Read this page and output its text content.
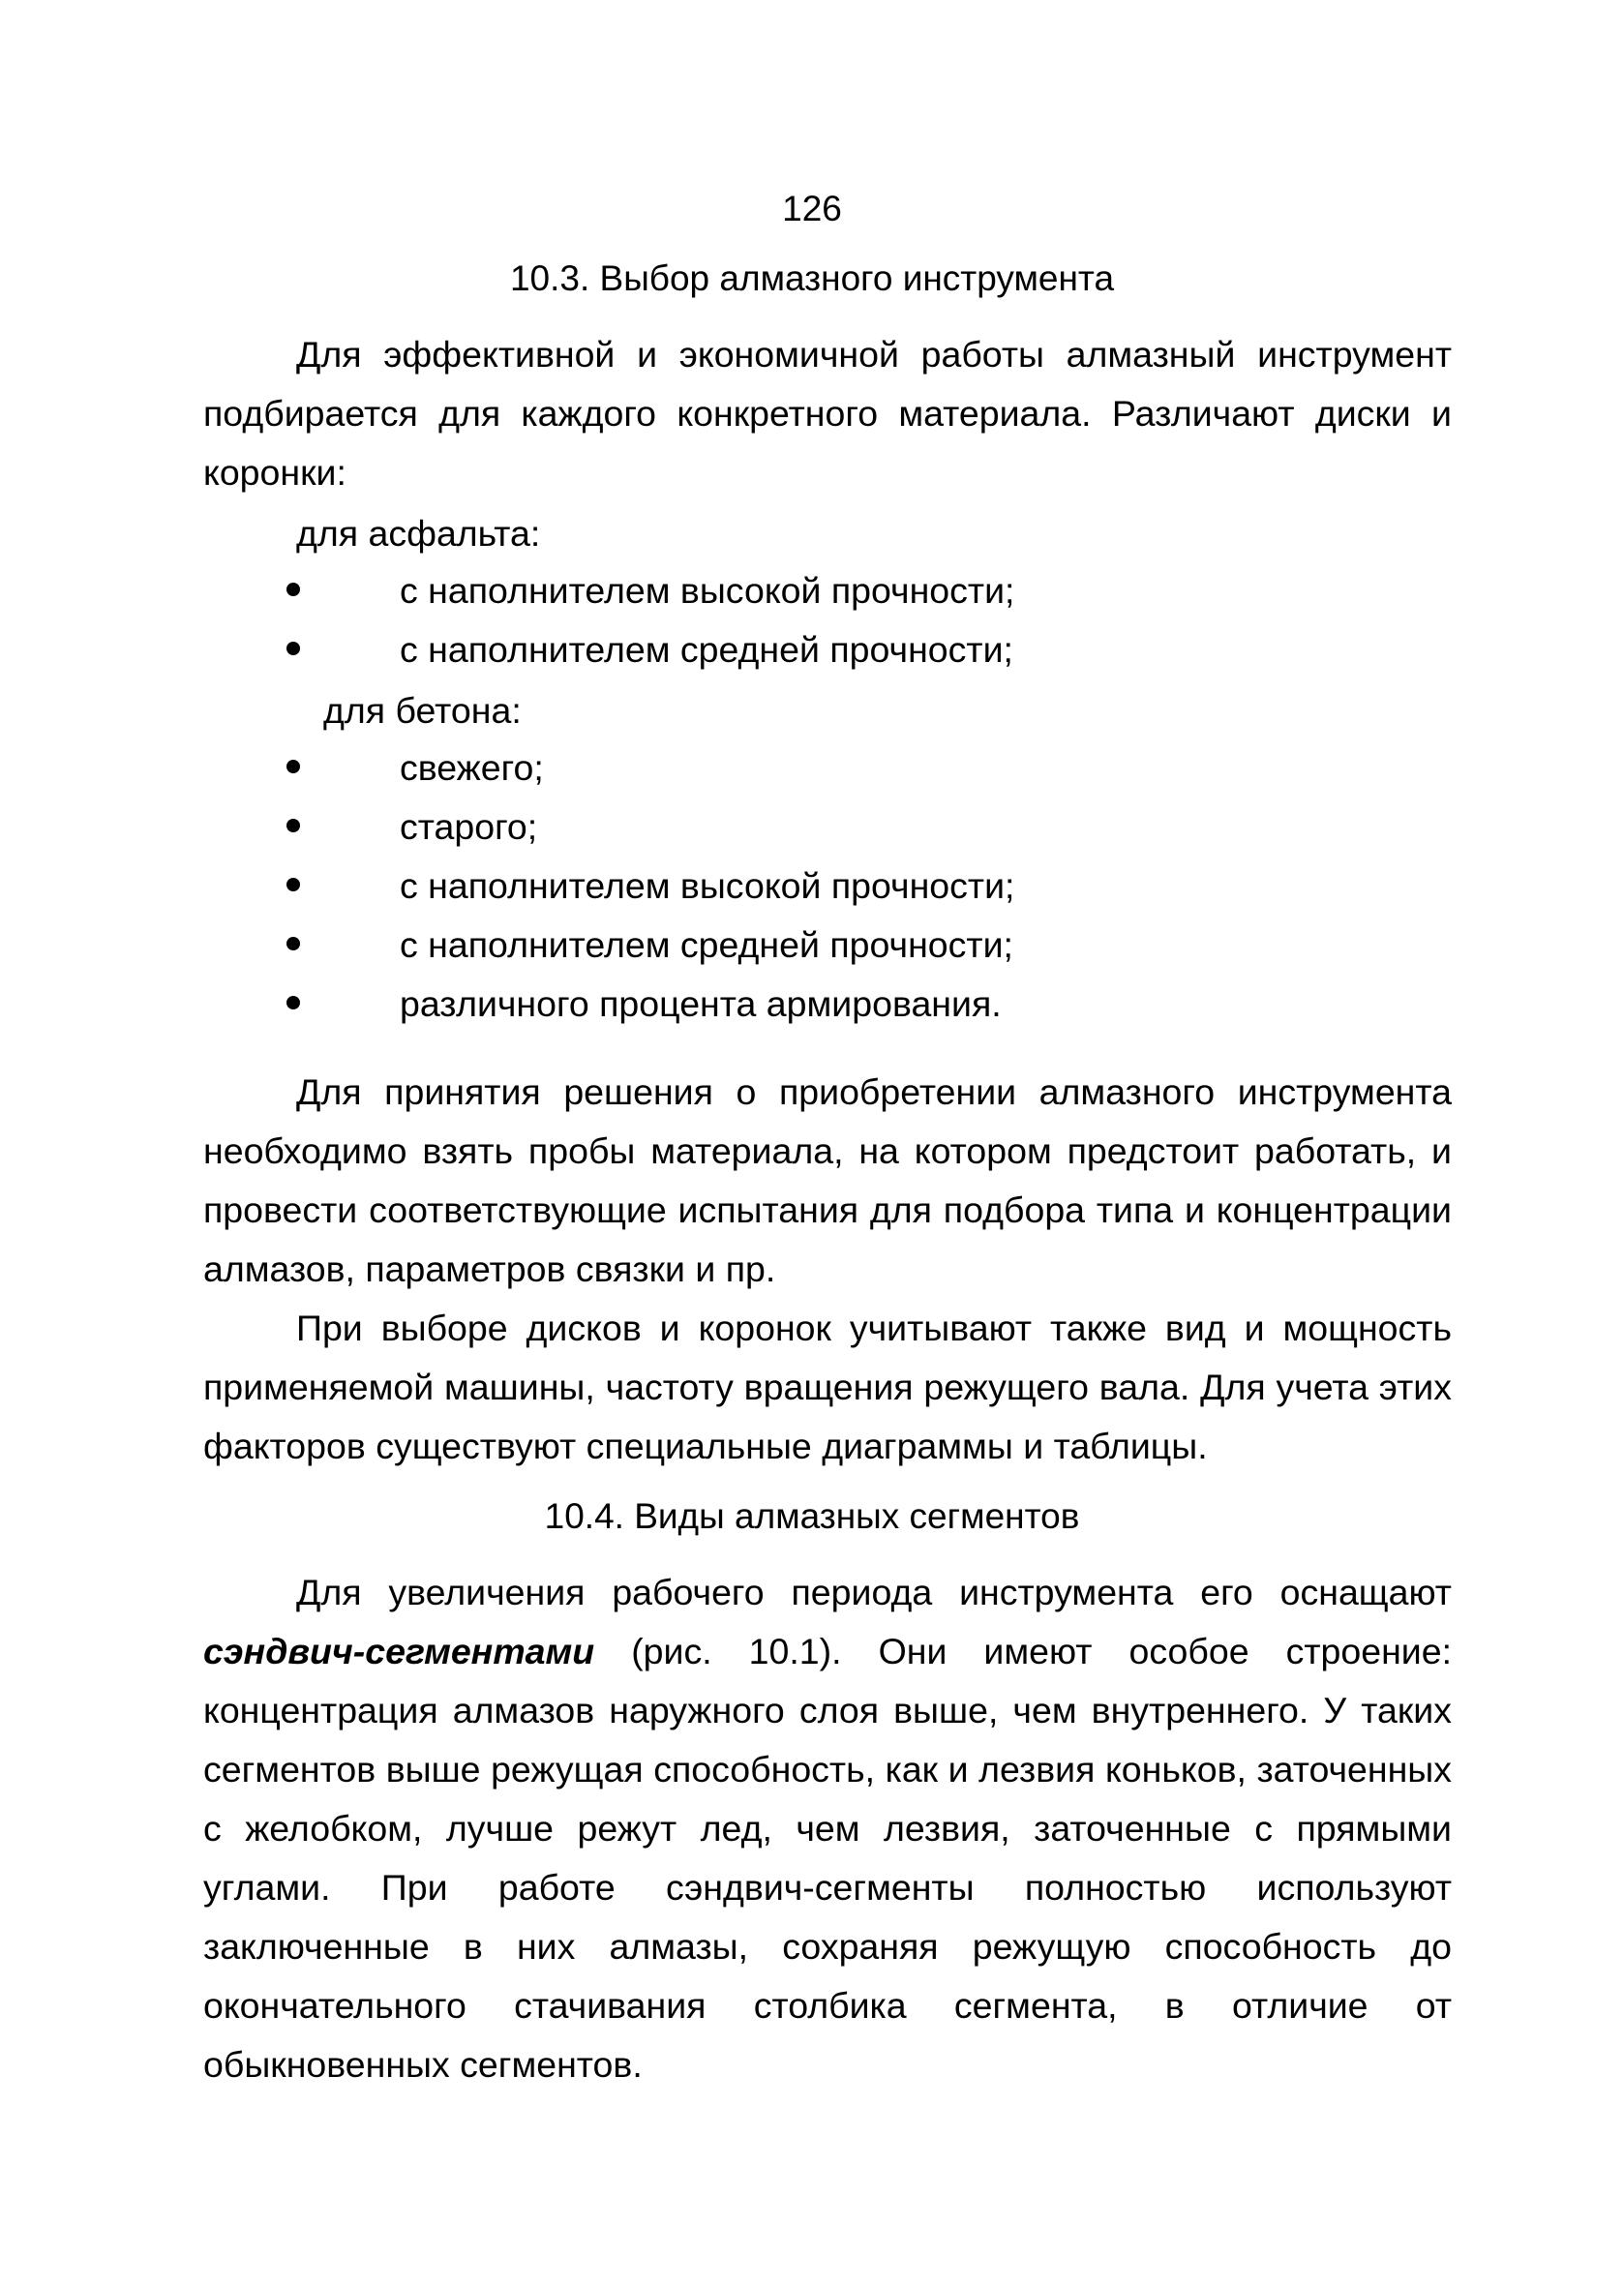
126
10.3. Выбор алмазного инструмента

Для эффективной и экономичной работы алмазный инструмент подбирается для каждого конкретного материала. Различают диски и коронки:

для асфальта:
с наполнителем высокой прочности;
с наполнителем средней прочности;
для бетона:
свежего;
старого;
с наполнителем высокой прочности;
с наполнителем средней прочности;
различного процента армирования.

Для принятия решения о приобретении алмазного инструмента необходимо взять пробы материала, на котором предстоит работать, и провести соответствующие испытания для подбора типа и концентрации алмазов, параметров связки и пр.

При выборе дисков и коронок учитывают также вид и мощность применяемой машины, частоту вращения режущего вала. Для учета этих факторов существуют специальные диаграммы и таблицы.

10.4. Виды алмазных сегментов

Для увеличения рабочего периода инструмента его оснащают сэндвич-сегментами (рис. 10.1). Они имеют особое строение: концентрация алмазов наружного слоя выше, чем внутреннего. У таких сегментов выше режущая способность, как и лезвия коньков, заточенных с желобком, лучше режут лед, чем лезвия, заточенные с прямыми углами. При работе сэндвич-сегменты полностью используют заключенные в них алмазы, сохраняя режущую способность до окончательного стачивания столбика сегмента, в отличие от обыкновенных сегментов.
